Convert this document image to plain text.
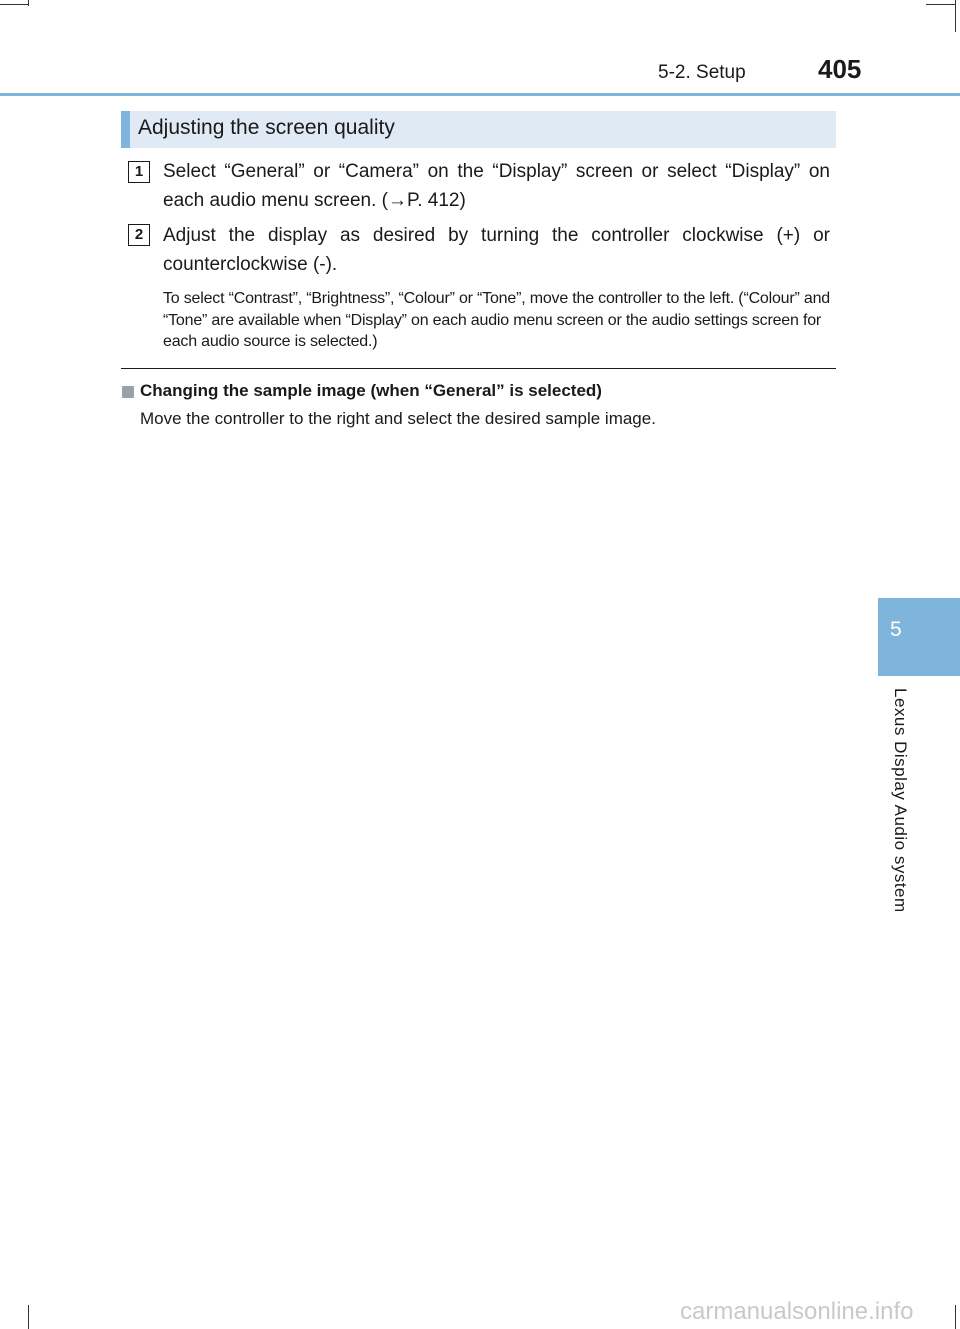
5-2. Setup	405
5
Lexus Display Audio system
Adjusting the screen quality
1	Select “General” or “Camera” on the “Display” screen or select “Display” on each audio menu screen. (→P. 412)
2	Adjust the display as desired by turning the controller clockwise (+) or counterclockwise (-).
To select “Contrast”, “Brightness”, “Colour” or “Tone”, move the controller to the left. (“Colour” and “Tone” are available when “Display” on each audio menu screen or the audio settings screen for each audio source is selected.)
Changing the sample image (when “General” is selected)
Move the controller to the right and select the desired sample image.
carmanualsonline.info
